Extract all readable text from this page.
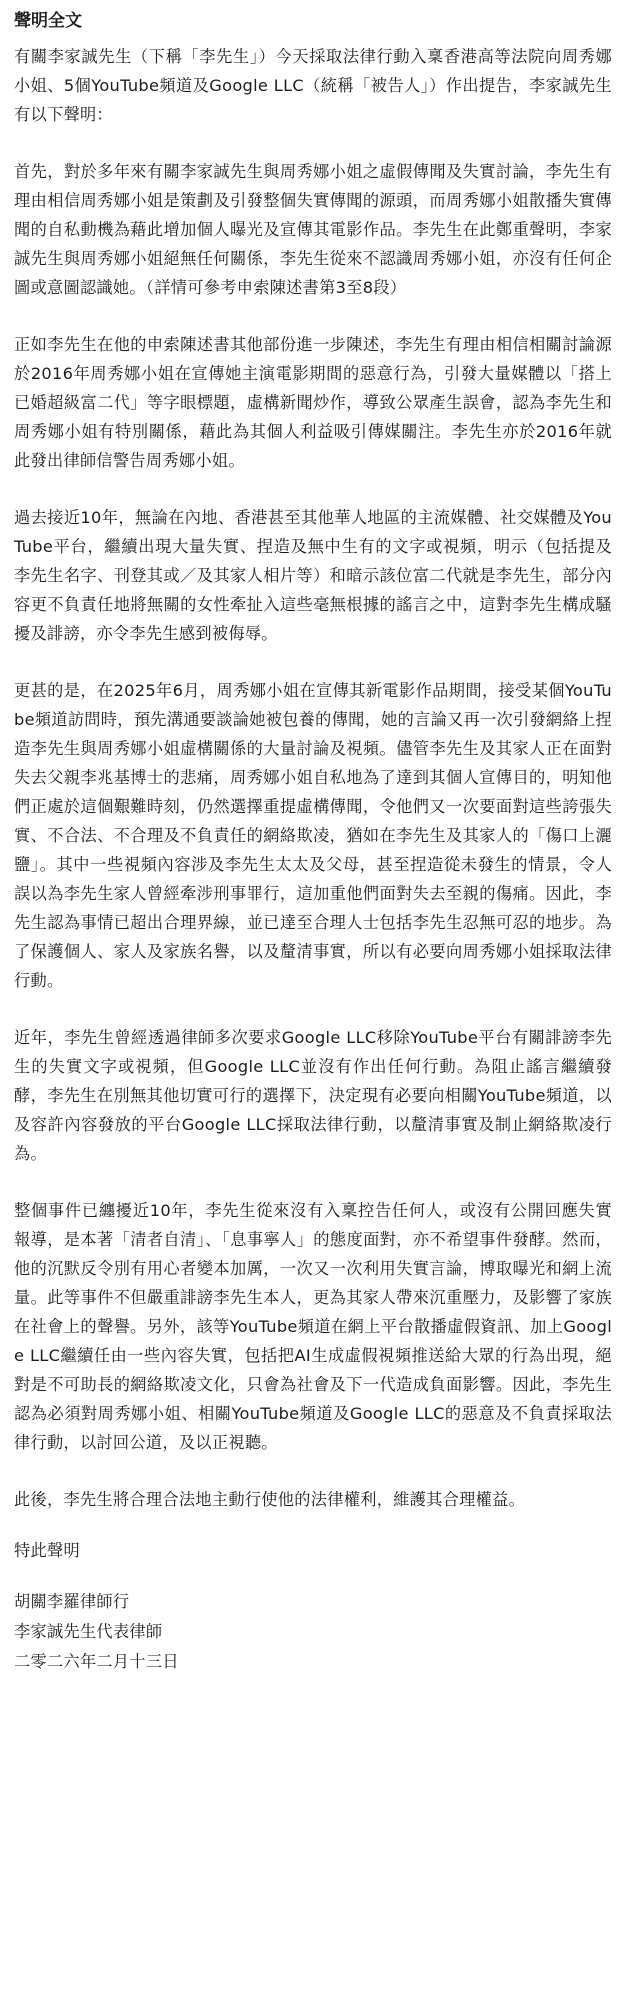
聲明全文

有關李家誠先生（下稱「李先生」）今天採取法律行動入稟香港高等法院向周秀娜小姐、5個YouTube頻道及Google LLC（統稱「被告人」）作出提告，李家誠先生有以下聲明：

首先，對於多年來有關李家誠先生與周秀娜小姐之虛假傳聞及失實討論，李先生有理由相信周秀娜小姐是策劃及引發整個失實傳聞的源頭，而周秀娜小姐散播失實傳聞的自私動機為藉此增加個人曝光及宣傳其電影作品。李先生在此鄭重聲明，李家誠先生與周秀娜小姐絕無任何關係，李先生從來不認識周秀娜小姐，亦沒有任何企圖或意圖認識她。（詳情可參考申索陳述書第3至8段）

正如李先生在他的申索陳述書其他部份進一步陳述，李先生有理由相信相關討論源於2016年周秀娜小姐在宣傳她主演電影期間的惡意行為，引發大量媒體以「搭上已婚超級富二代」等字眼標題，虛構新聞炒作，導致公眾產生誤會，認為李先生和周秀娜小姐有特別關係，藉此為其個人利益吸引傳媒關注。李先生亦於2016年就此發出律師信警告周秀娜小姐。

過去接近10年，無論在內地、香港甚至其他華人地區的主流媒體、社交媒體及YouTube平台，繼續出現大量失實、捏造及無中生有的文字或視頻，明示（包括提及李先生名字、刊登其或／及其家人相片等）和暗示該位富二代就是李先生，部分內容更不負責任地將無關的女性牽扯入這些毫無根據的謠言之中，這對李先生構成騷擾及誹謗，亦令李先生感到被侮辱。

更甚的是，在2025年6月，周秀娜小姐在宣傳其新電影作品期間，接受某個YouTube頻道訪問時，預先溝通要談論她被包養的傳聞，她的言論又再一次引發網絡上捏造李先生與周秀娜小姐虛構關係的大量討論及視頻。儘管李先生及其家人正在面對失去父親李兆基博士的悲痛，周秀娜小姐自私地為了達到其個人宣傳目的，明知他們正處於這個艱難時刻，仍然選擇重提虛構傳聞，令他們又一次要面對這些誇張失實、不合法、不合理及不負責任的網絡欺凌，猶如在李先生及其家人的「傷口上灑鹽」。其中一些視頻內容涉及李先生太太及父母，甚至捏造從未發生的情景，令人誤以為李先生家人曾經牽涉刑事罪行，這加重他們面對失去至親的傷痛。因此，李先生認為事情已超出合理界線，並已達至合理人士包括李先生忍無可忍的地步。為了保護個人、家人及家族名譽，以及釐清事實，所以有必要向周秀娜小姐採取法律行動。

近年，李先生曾經透過律師多次要求Google LLC移除YouTube平台有關誹謗李先生的失實文字或視頻，但Google LLC並沒有作出任何行動。為阻止謠言繼續發酵，李先生在別無其他切實可行的選擇下，決定現有必要向相關YouTube頻道，以及容許內容發放的平台Google LLC採取法律行動，以釐清事實及制止網絡欺凌行為。

整個事件已纏擾近10年，李先生從來沒有入稟控告任何人，或沒有公開回應失實報導，是本著「清者自清」、「息事寧人」的態度面對，亦不希望事件發酵。然而，他的沉默反令別有用心者變本加厲，一次又一次利用失實言論，博取曝光和網上流量。此等事件不但嚴重誹謗李先生本人，更為其家人帶來沉重壓力，及影響了家族在社會上的聲譽。另外，該等YouTube頻道在網上平台散播虛假資訊、加上Google LLC繼續任由一些內容失實，包括把AI生成虛假視頻推送給大眾的行為出現，絕對是不可助長的網絡欺凌文化，只會為社會及下一代造成負面影響。因此，李先生認為必須對周秀娜小姐、相關YouTube頻道及Google LLC的惡意及不負責採取法律行動，以討回公道，及以正視聽。

此後，李先生將合理合法地主動行使他的法律權利，維護其合理權益。

特此聲明

胡關李羅律師行

李家誠先生代表律師

二零二六年二月十三日
